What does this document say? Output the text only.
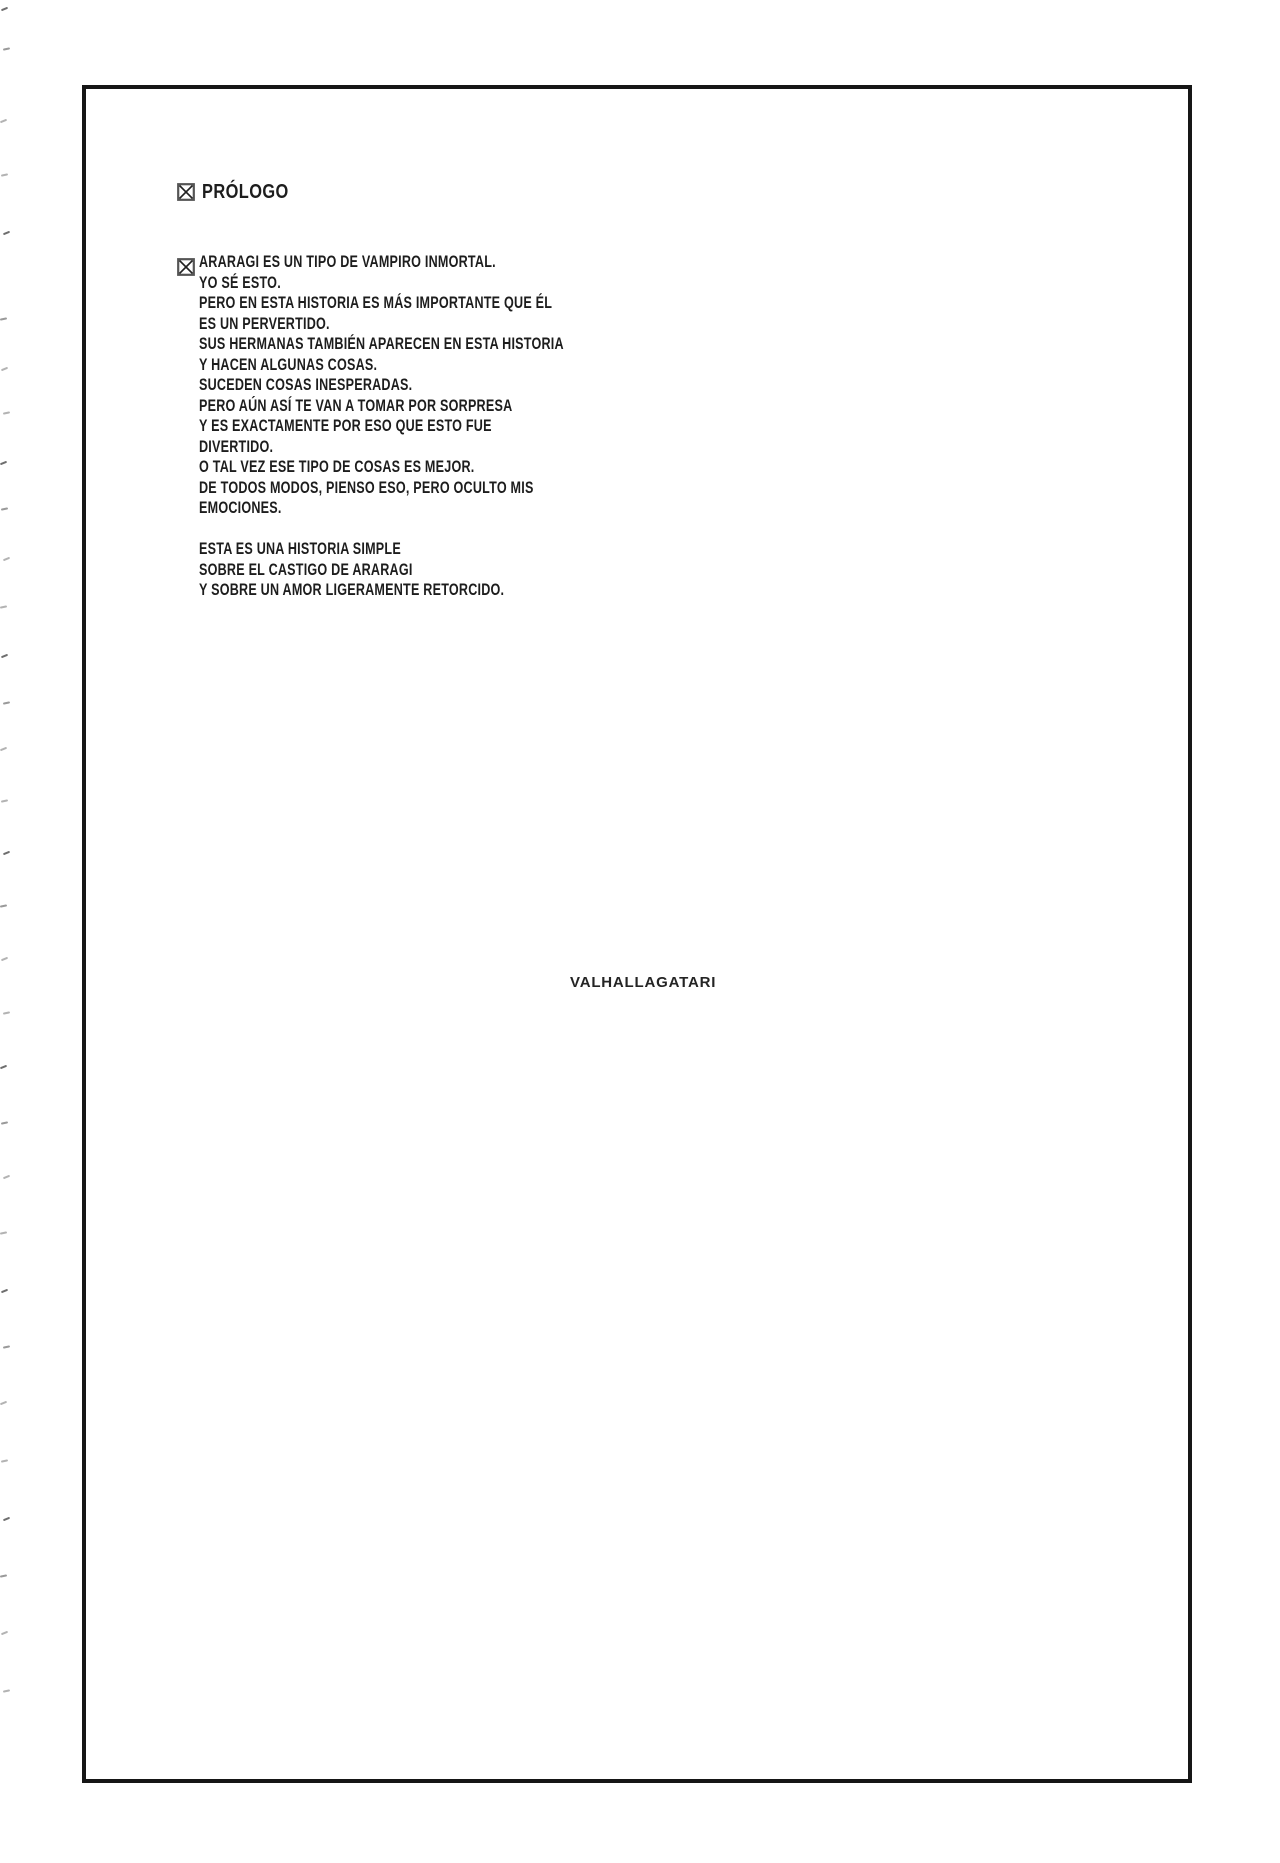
PRÓLOGO
ARARAGI ES UN TIPO DE VAMPIRO INMORTAL.
YO SÉ ESTO.
PERO EN ESTA HISTORIA ES MÁS IMPORTANTE QUE ÉL
ES UN PERVERTIDO.
SUS HERMANAS TAMBIÉN APARECEN EN ESTA HISTORIA
Y HACEN ALGUNAS COSAS.
SUCEDEN COSAS INESPERADAS.
PERO AÚN ASÍ TE VAN A TOMAR POR SORPRESA
Y ES EXACTAMENTE POR ESO QUE ESTO FUE
DIVERTIDO.
O TAL VEZ ESE TIPO DE COSAS ES MEJOR.
DE TODOS MODOS, PIENSO ESO, PERO OCULTO MIS
EMOCIONES.

ESTA ES UNA HISTORIA SIMPLE
SOBRE EL CASTIGO DE ARARAGI
Y SOBRE UN AMOR LIGERAMENTE RETORCIDO.
VALHALLAGATARI
